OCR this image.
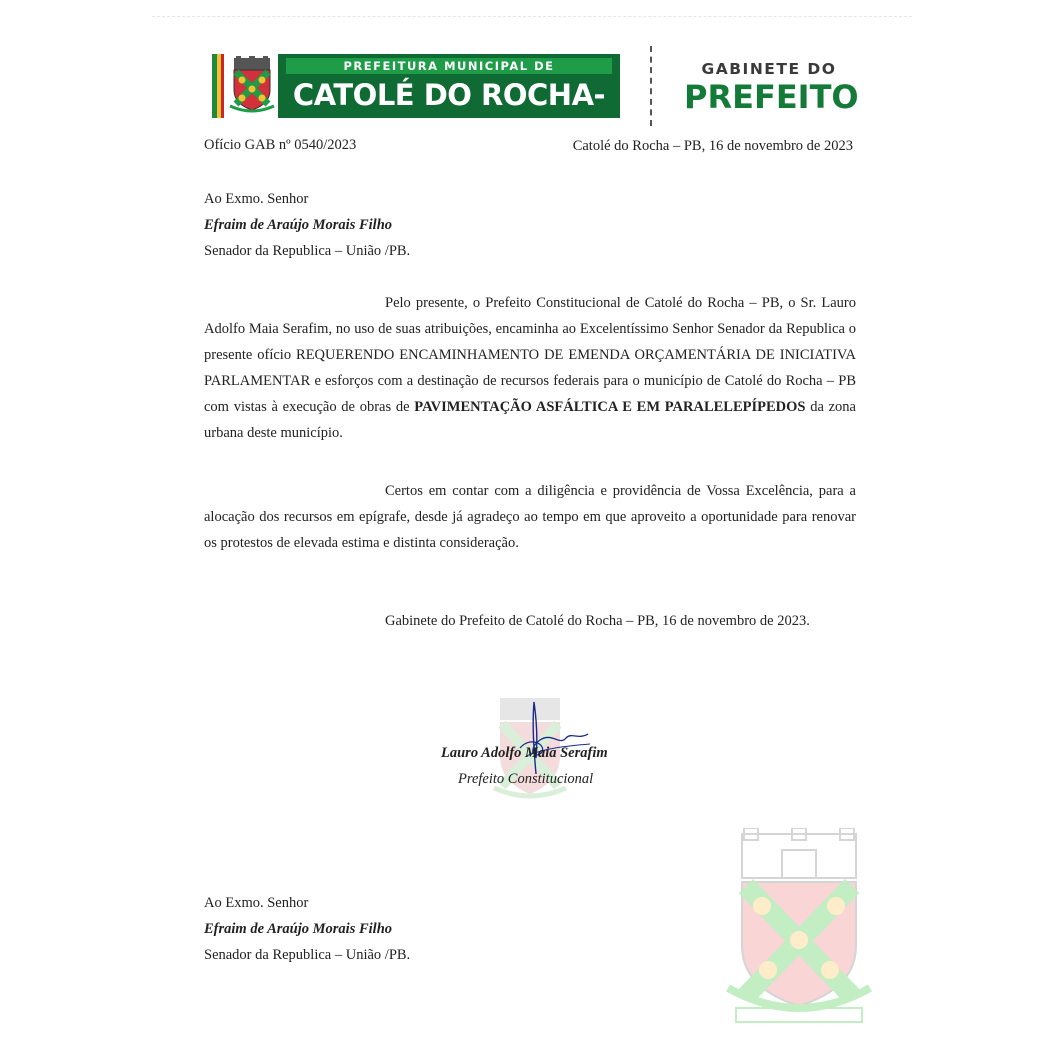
PREFEITURA MUNICIPAL DE
CATOLÉ DO ROCHA-PB
GABINETE DO
PREFEITO
Ofício GAB nº 0540/2023	Catolé do Rocha – PB, 16 de novembro de 2023
Ao Exmo. Senhor
Efraim de Araújo Morais Filho
Senador da Republica – União /PB.
Pelo presente, o Prefeito Constitucional de Catolé do Rocha – PB, o Sr. Lauro Adolfo Maia Serafim, no uso de suas atribuições, encaminha ao Excelentíssimo Senhor Senador da Republica o presente ofício REQUERENDO ENCAMINHAMENTO DE EMENDA ORÇAMENTÁRIA DE INICIATIVA PARLAMENTAR e esforços com a destinação de recursos federais para o município de Catolé do Rocha – PB com vistas à execução de obras de PAVIMENTAÇÃO ASFÁLTICA E EM PARALELEPÍPEDOS da zona urbana deste município.
Certos em contar com a diligência e providência de Vossa Excelência, para a alocação dos recursos em epígrafe, desde já agradeço ao tempo em que aproveito a oportunidade para renovar os protestos de elevada estima e distinta consideração.
Gabinete do Prefeito de Catolé do Rocha – PB, 16 de novembro de 2023.
Lauro Adolfo Maia Serafim
Prefeito Constitucional
Ao Exmo. Senhor
Efraim de Araújo Morais Filho
Senador da Republica – União /PB.
